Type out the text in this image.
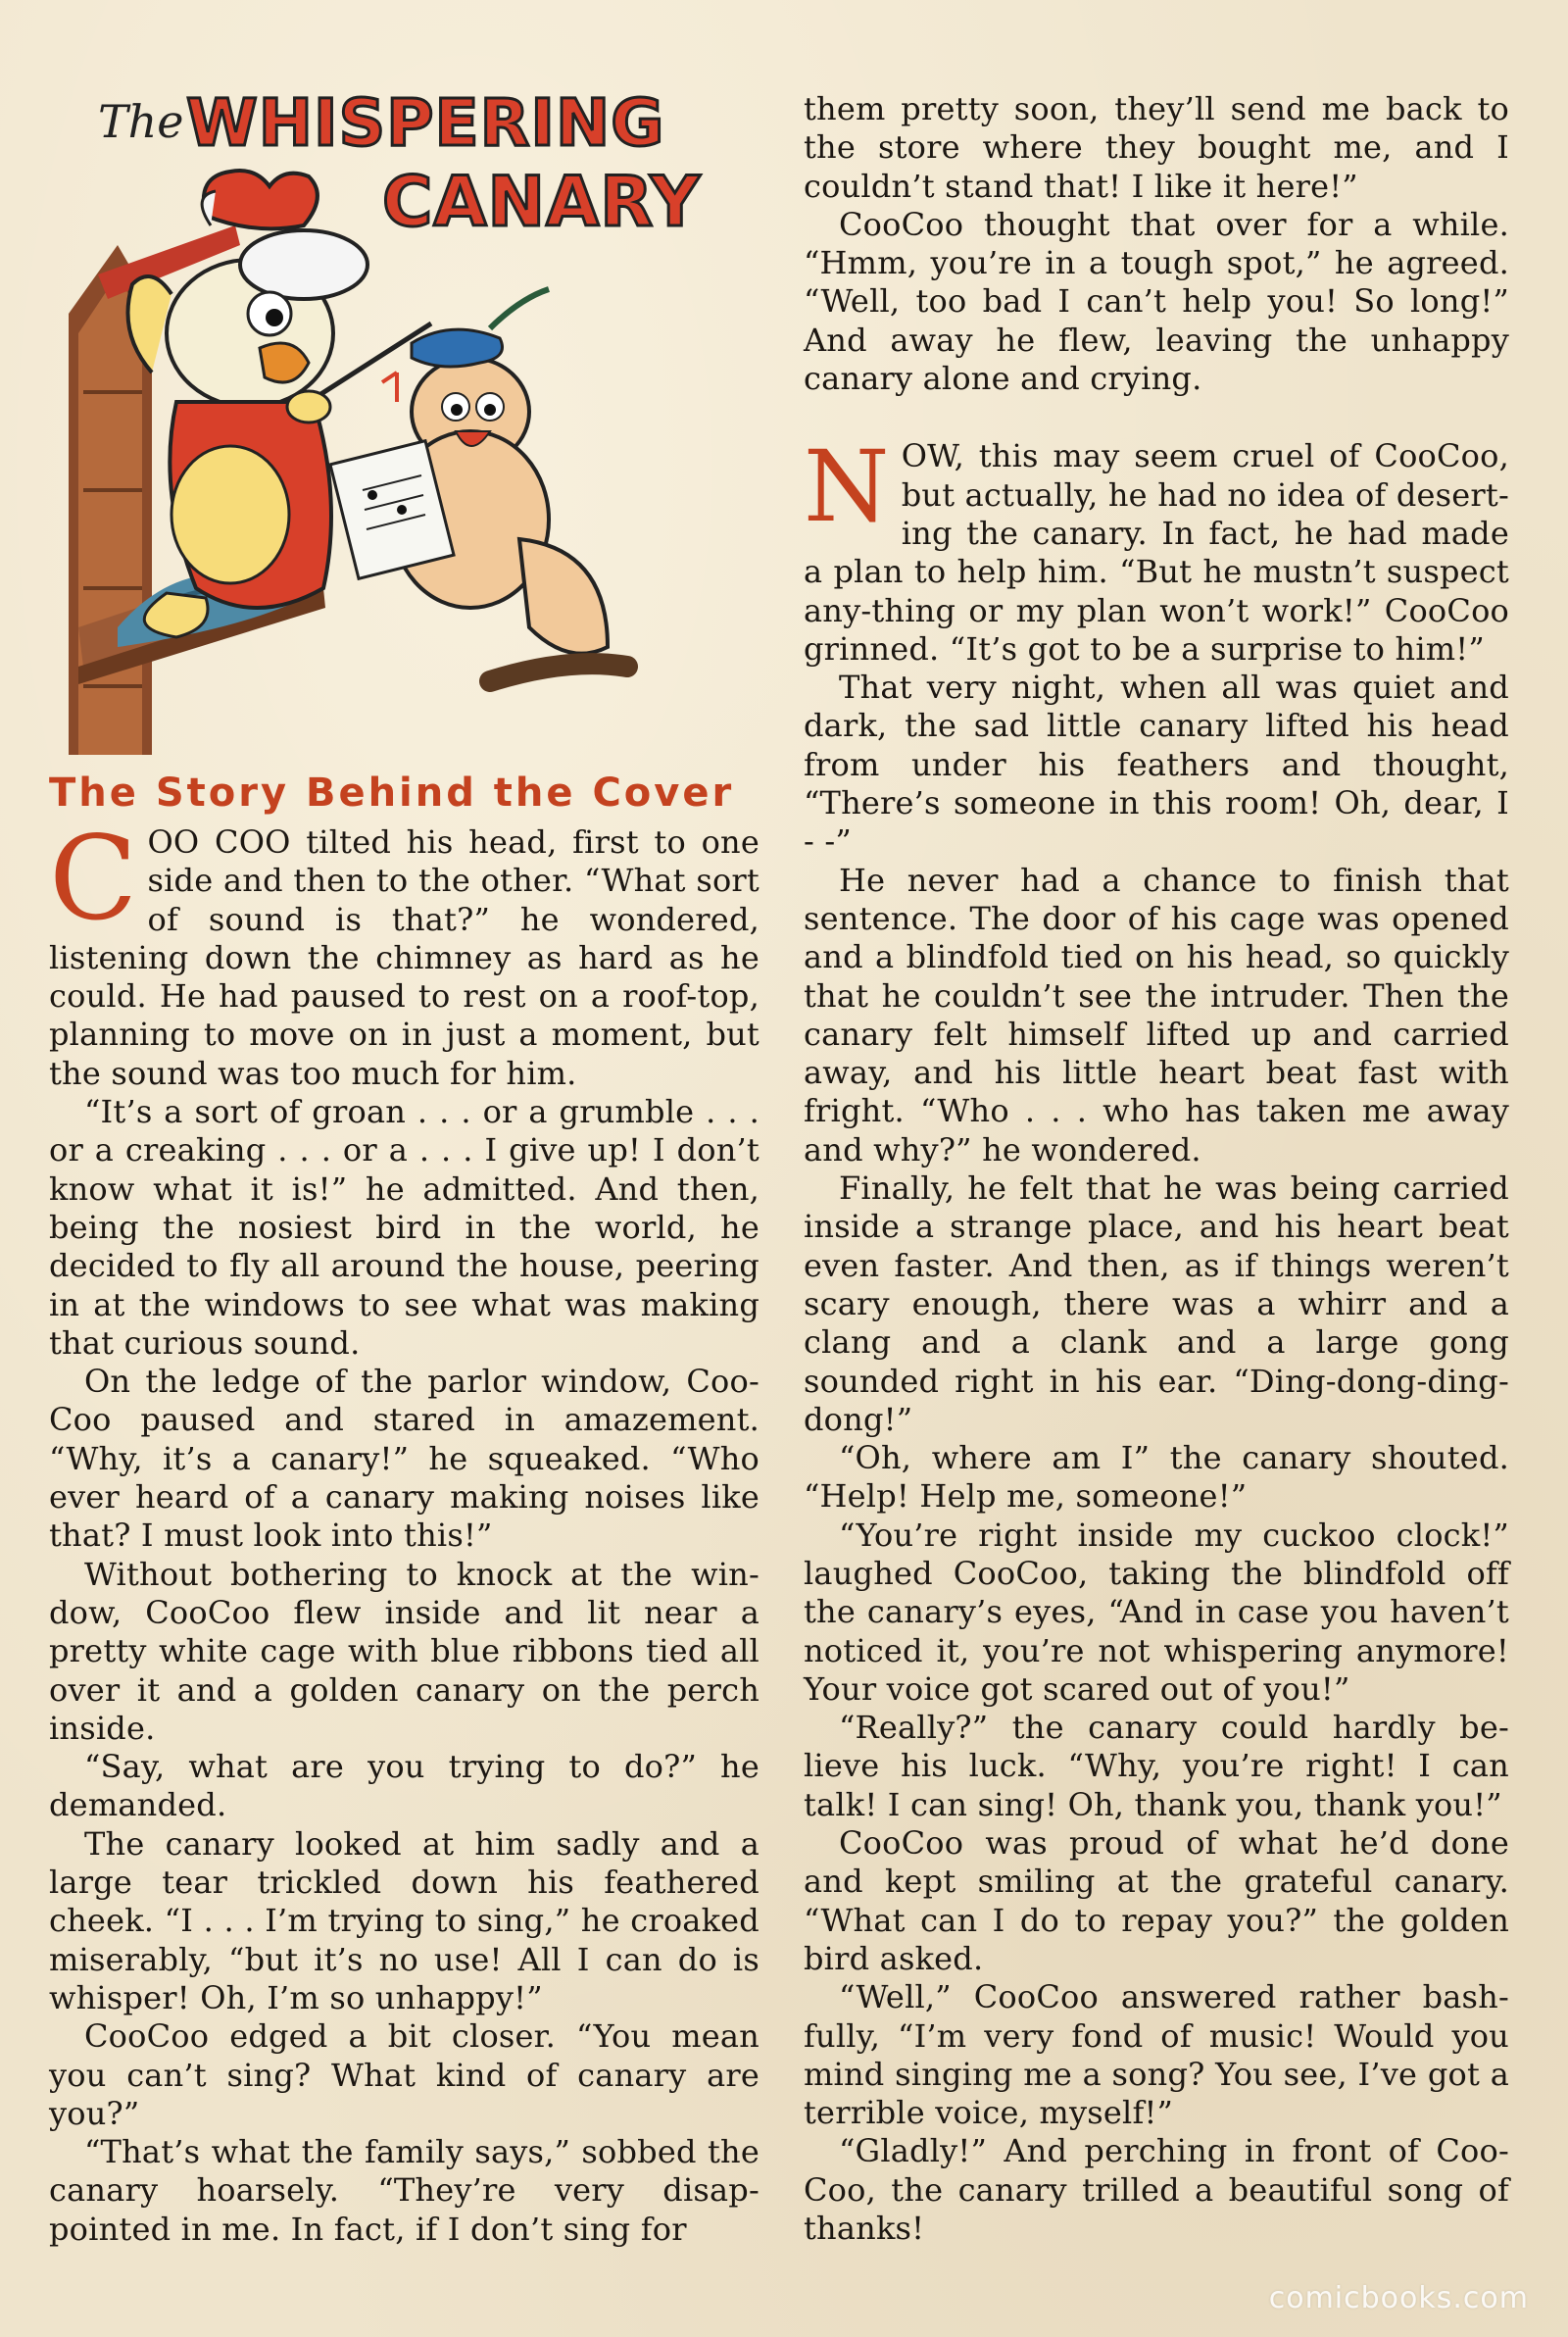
The WHISPERING
CANARY
The Story Behind the Cover

COO COO tilted his head, first to one side and then to the other. “What sort of sound is that?” he wondered, listening down the chimney as hard as he could. He had paused to rest on a roof-top, planning to move on in just a moment, but the sound was too much for him.

“It’s a sort of groan . . . or a grumble . . . or a creaking . . . or a . . . I give up! I don’t know what it is!” he admitted. And then, being the nosiest bird in the world, he decided to fly all around the house, peering in at the windows to see what was making that curious sound.

On the ledge of the parlor window, Coo-Coo paused and stared in amazement. “Why, it’s a canary!” he squeaked. “Who ever heard of a canary making noises like that? I must look into this!”

Without bothering to knock at the win-dow, CooCoo flew inside and lit near a pretty white cage with blue ribbons tied all over it and a golden canary on the perch inside.

“Say, what are you trying to do?” he demanded.

The canary looked at him sadly and a large tear trickled down his feathered cheek. “I . . . I’m trying to sing,” he croaked miserably, “but it’s no use! All I can do is whisper! Oh, I’m so unhappy!”

CooCoo edged a bit closer. “You mean you can’t sing? What kind of canary are you?”

“That’s what the family says,” sobbed the canary hoarsely. “They’re very disap-pointed in me. In fact, if I don’t sing for

them pretty soon, they’ll send me back to the store where they bought me, and I couldn’t stand that! I like it here!”

CooCoo thought that over for a while. “Hmm, you’re in a tough spot,” he agreed. “Well, too bad I can’t help you! So long!” And away he flew, leaving the unhappy canary alone and crying.

NOW, this may seem cruel of CooCoo, but actually, he had no idea of desert-ing the canary. In fact, he had made a plan to help him. “But he mustn’t suspect any-thing or my plan won’t work!” CooCoo grinned. “It’s got to be a surprise to him!”

That very night, when all was quiet and dark, the sad little canary lifted his head from under his feathers and thought, “There’s someone in this room! Oh, dear, I - -”

He never had a chance to finish that sentence. The door of his cage was opened and a blindfold tied on his head, so quickly that he couldn’t see the intruder. Then the canary felt himself lifted up and carried away, and his little heart beat fast with fright. “Who . . . who has taken me away and why?” he wondered.

Finally, he felt that he was being carried inside a strange place, and his heart beat even faster. And then, as if things weren’t scary enough, there was a whirr and a clang and a clank and a large gong sounded right in his ear. “Ding-dong-ding-dong!”

“Oh, where am I” the canary shouted. “Help! Help me, someone!”

“You’re right inside my cuckoo clock!” laughed CooCoo, taking the blindfold off the canary’s eyes, “And in case you haven’t noticed it, you’re not whispering anymore! Your voice got scared out of you!”

“Really?” the canary could hardly be-lieve his luck. “Why, you’re right! I can talk! I can sing! Oh, thank you, thank you!”

CooCoo was proud of what he’d done and kept smiling at the grateful canary. “What can I do to repay you?” the golden bird asked.

“Well,” CooCoo answered rather bash-fully, “I’m very fond of music! Would you mind singing me a song? You see, I’ve got a terrible voice, myself!”

“Gladly!” And perching in front of Coo-Coo, the canary trilled a beautiful song of thanks!

comicbooks.com
